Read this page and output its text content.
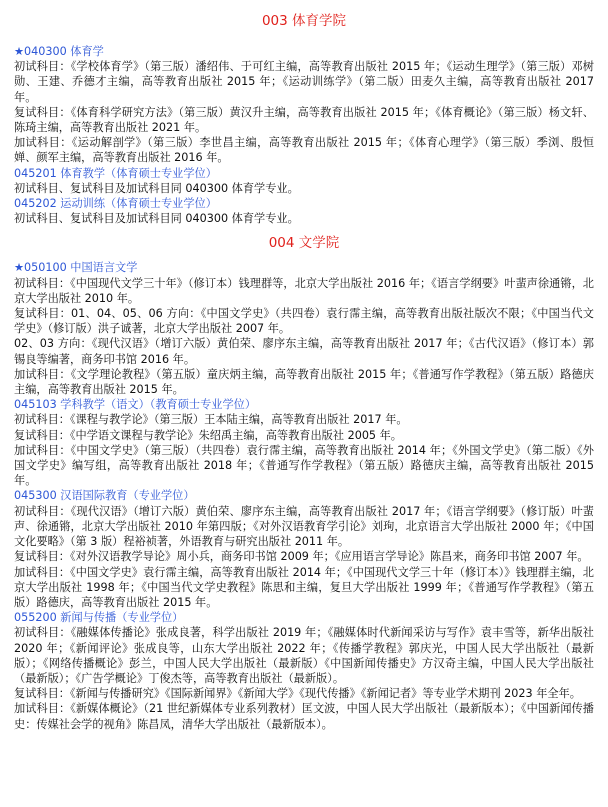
003 体育学院

★040300 体育学

初试科目：《学校体育学》（第三版）潘绍伟、于可红主编，高等教育出版社 2015 年；《运动生理学》（第三版）邓树勋、王建、乔德才主编，高等教育出版社 2015 年；《运动训练学》（第二版）田麦久主编，高等教育出版社 2017 年。

复试科目：《体育科学研究方法》（第三版）黄汉升主编，高等教育出版社 2015 年；《体育概论》（第三版）杨文轩、陈琦主编，高等教育出版社 2021 年。

加试科目：《运动解剖学》（第三版）李世昌主编，高等教育出版社 2015 年；《体育心理学》（第三版）季浏、殷恒婵、颜军主编，高等教育出版社 2016 年。

045201 体育教学（体育硕士专业学位）

初试科目、复试科目及加试科目同 040300 体育学专业。

045202 运动训练（体育硕士专业学位）

初试科目、复试科目及加试科目同 040300 体育学专业。

004 文学院

★050100 中国语言文学

初试科目：《中国现代文学三十年》（修订本）钱理群等，北京大学出版社 2016 年；《语言学纲要》叶蜚声徐通锵，北京大学出版社 2010 年。

复试科目：01、04、05、06 方向：《中国文学史》（共四卷）袁行霈主编，高等教育出版社版次不限；《中国当代文学史》（修订版）洪子诚著，北京大学出版社 2007 年。

02、03 方向：《现代汉语》（增订六版）黄伯荣、廖序东主编，高等教育出版社 2017 年；《古代汉语》（修订本）郭锡良等编著，商务印书馆 2016 年。

加试科目：《文学理论教程》（第五版）童庆炳主编，高等教育出版社 2015 年；《普通写作学教程》（第五版）路德庆主编，高等教育出版社 2015 年。

045103 学科教学（语文）（教育硕士专业学位）

初试科目：《课程与教学论》（第三版）王本陆主编，高等教育出版社 2017 年。

复试科目：《中学语文课程与教学论》朱绍禹主编，高等教育出版社 2005 年。

加试科目：《中国文学史》（第三版）（共四卷）袁行霈主编，高等教育出版社 2014 年；《外国文学史》（第二版）《外国文学史》编写组，高等教育出版社 2018 年；《普通写作学教程》（第五版）路德庆主编，高等教育出版社 2015 年。

045300 汉语国际教育（专业学位）

初试科目：《现代汉语》（增订六版）黄伯荣、廖序东主编，高等教育出版社 2017 年；《语言学纲要》（修订版）叶蜚声、徐通锵，北京大学出版社 2010 年第四版；《对外汉语教育学引论》刘珣，北京语言大学出版社 2000 年；《中国文化要略》（第 3 版）程裕祯著，外语教育与研究出版社 2011 年。

复试科目：《对外汉语教学导论》周小兵，商务印书馆 2009 年；《应用语言学导论》陈昌来，商务印书馆 2007 年。

加试科目：《中国文学史》袁行霈主编，高等教育出版社 2014 年；《中国现代文学三十年（修订本）》钱理群主编，北京大学出版社 1998 年；《中国当代文学史教程》陈思和主编，复旦大学出版社 1999 年；《普通写作学教程》（第五版）路德庆，高等教育出版社 2015 年。

055200 新闻与传播（专业学位）

初试科目：《融媒体传播论》张成良著，科学出版社 2019 年；《融媒体时代新闻采访与写作》袁丰雪等，新华出版社 2020 年；《新闻评论》张成良等，山东大学出版社 2022 年；《传播学教程》郭庆光，中国人民大学出版社（最新版）；《网络传播概论》彭兰，中国人民大学出版社（最新版）《中国新闻传播史》方汉奇主编，中国人民大学出版社（最新版）；《广告学概论》丁俊杰等，高等教育出版社（最新版）。

复试科目：《新闻与传播研究》《国际新闻界》《新闻大学》《现代传播》《新闻记者》等专业学术期刊 2023 年全年。

加试科目：《新媒体概论》（21 世纪新媒体专业系列教材）匡文波，中国人民大学出版社（最新版本）；《中国新闻传播史：传媒社会学的视角》陈昌凤，清华大学出版社（最新版本）。
